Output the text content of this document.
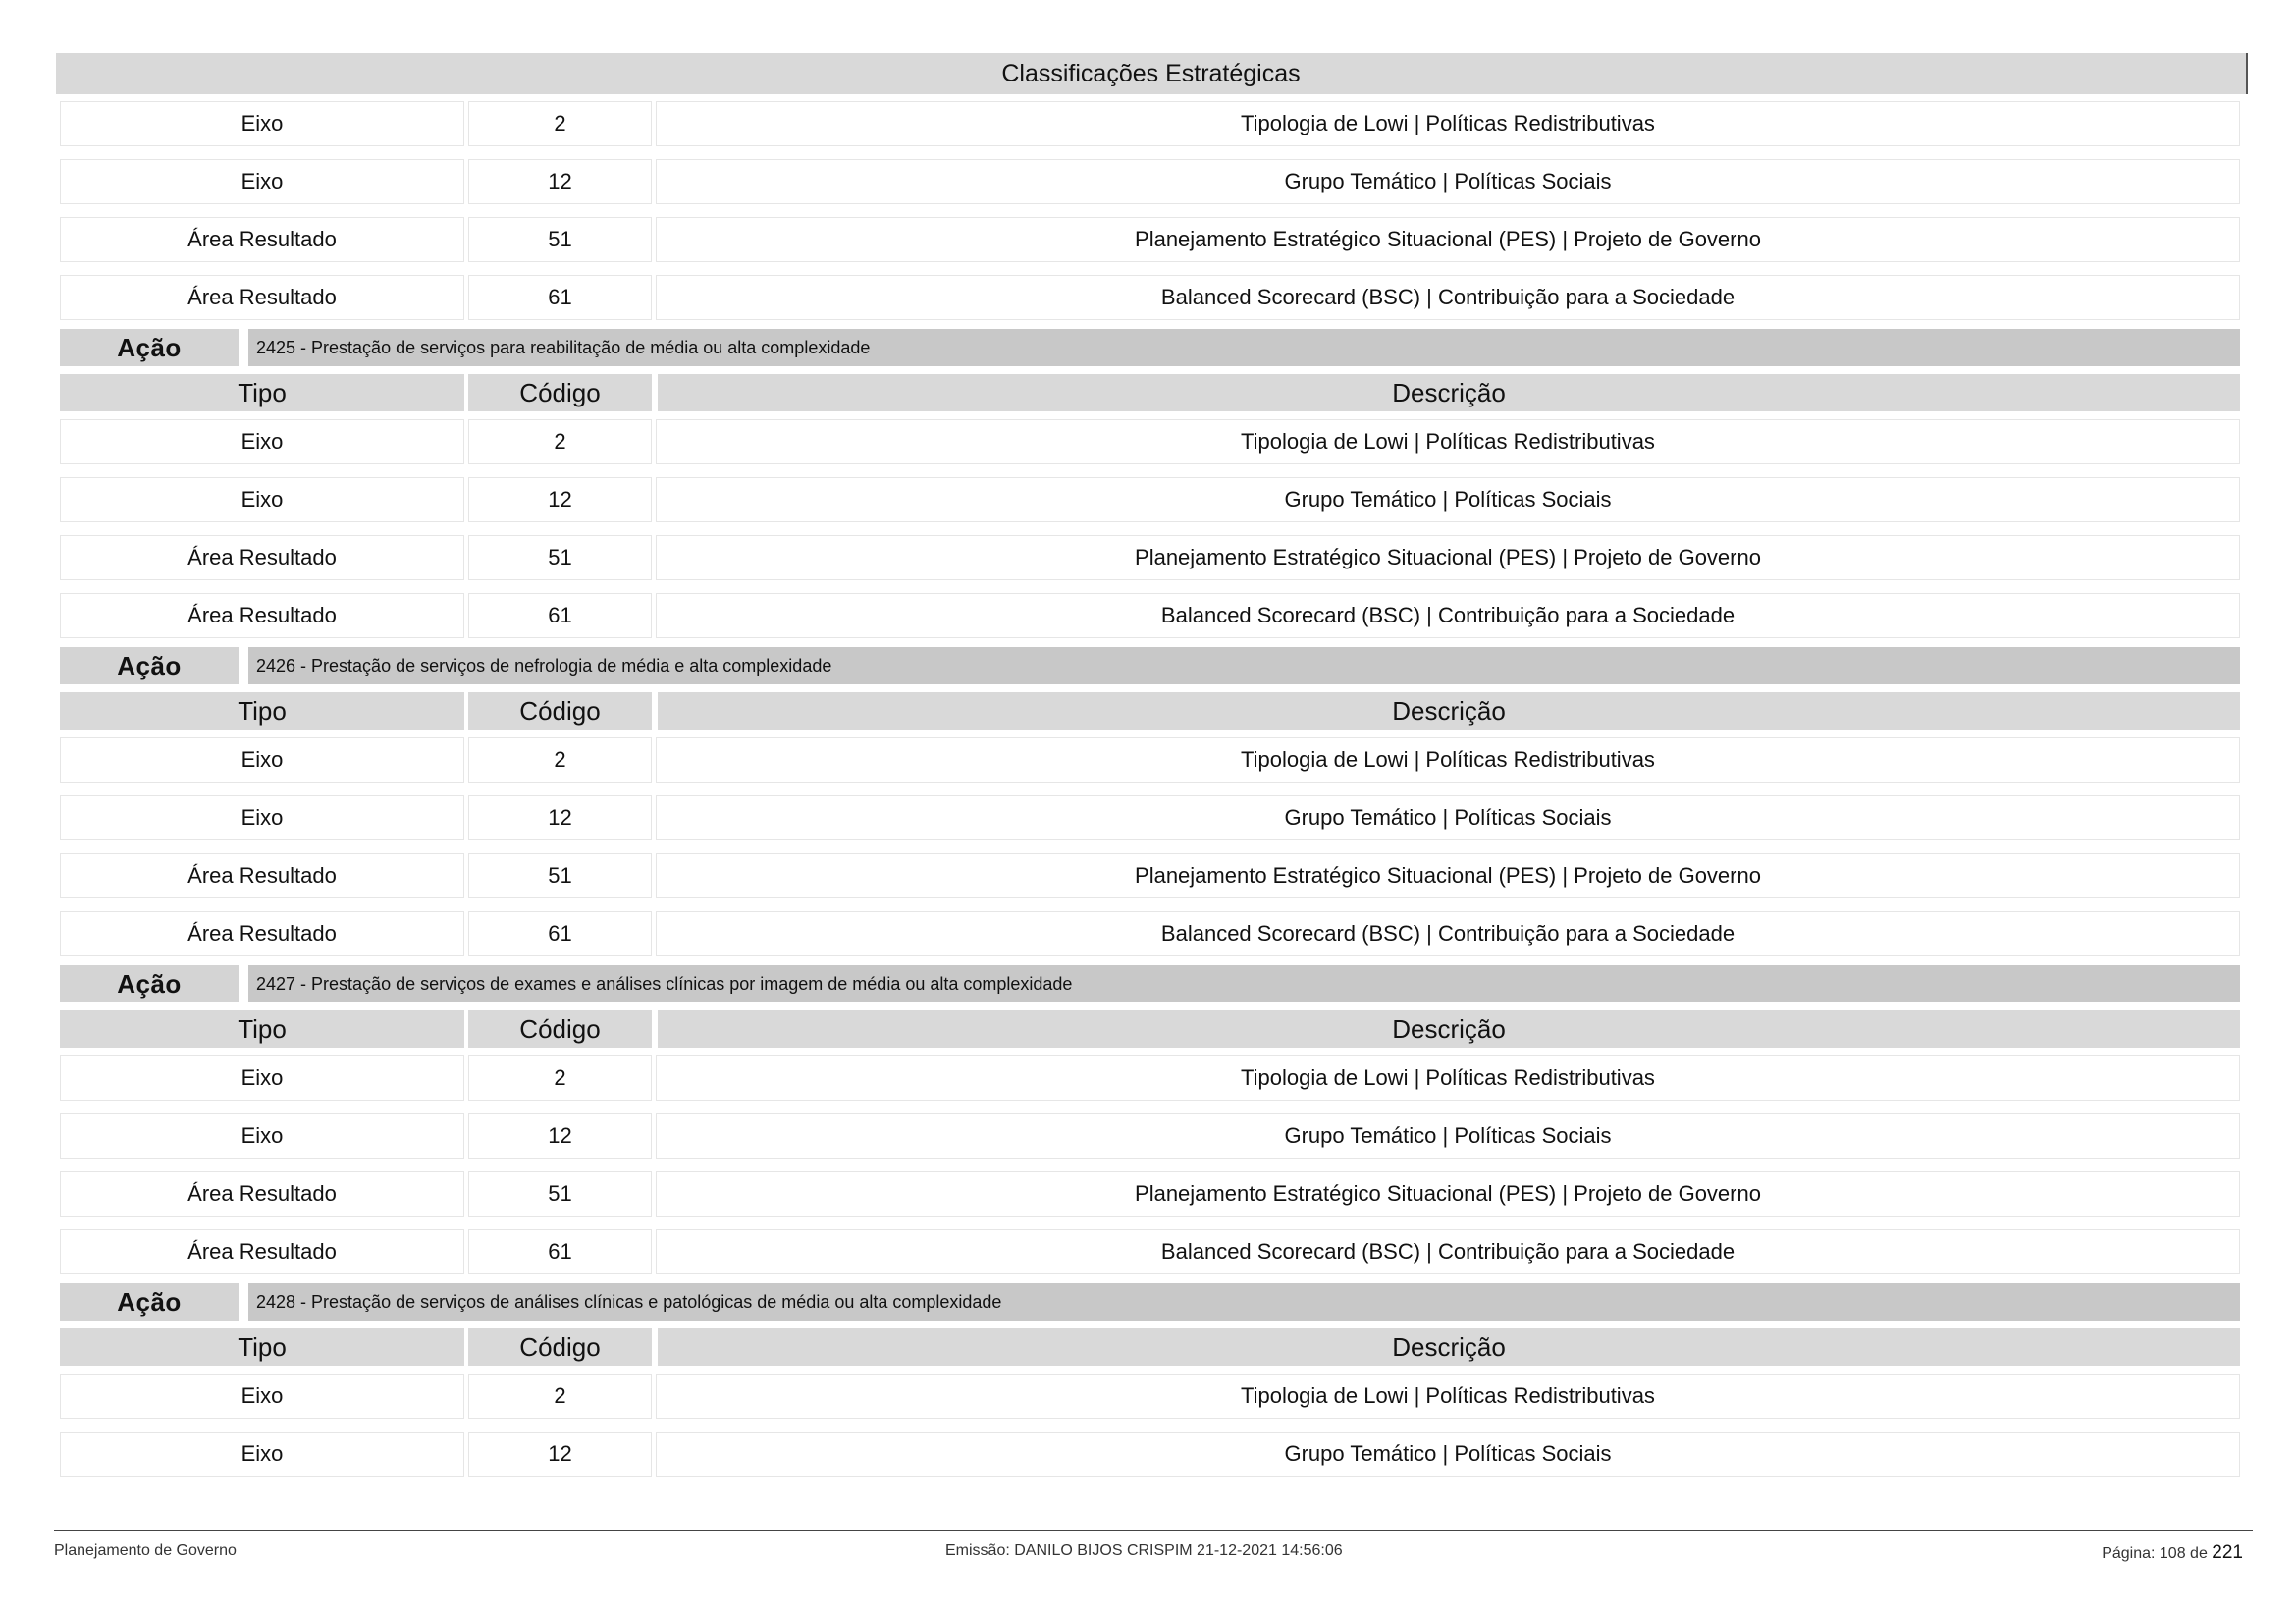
Classificações Estratégicas
Eixo	2	Tipologia de Lowi | Políticas Redistributivas
Eixo	12	Grupo Temático | Políticas Sociais
Área Resultado	51	Planejamento Estratégico Situacional (PES) | Projeto de Governo
Área Resultado	61	Balanced Scorecard (BSC) | Contribuição para a Sociedade
Ação	2425 - Prestação de serviços para reabilitação de média ou alta complexidade
Tipo	Código	Descrição
Eixo	2	Tipologia de Lowi | Políticas Redistributivas
Eixo	12	Grupo Temático | Políticas Sociais
Área Resultado	51	Planejamento Estratégico Situacional (PES) | Projeto de Governo
Área Resultado	61	Balanced Scorecard (BSC) | Contribuição para a Sociedade
Ação	2426 - Prestação de serviços de nefrologia de média e alta complexidade
Tipo	Código	Descrição
Eixo	2	Tipologia de Lowi | Políticas Redistributivas
Eixo	12	Grupo Temático | Políticas Sociais
Área Resultado	51	Planejamento Estratégico Situacional (PES) | Projeto de Governo
Área Resultado	61	Balanced Scorecard (BSC) | Contribuição para a Sociedade
Ação	2427 - Prestação de serviços de exames e análises clínicas por imagem de média ou alta complexidade
Tipo	Código	Descrição
Eixo	2	Tipologia de Lowi | Políticas Redistributivas
Eixo	12	Grupo Temático | Políticas Sociais
Área Resultado	51	Planejamento Estratégico Situacional (PES) | Projeto de Governo
Área Resultado	61	Balanced Scorecard (BSC) | Contribuição para a Sociedade
Ação	2428 - Prestação de serviços de análises clínicas e patológicas de média ou alta complexidade
Tipo	Código	Descrição
Eixo	2	Tipologia de Lowi | Políticas Redistributivas
Eixo	12	Grupo Temático | Políticas Sociais
Planejamento de Governo	Emissão: DANILO BIJOS CRISPIM 21-12-2021 14:56:06	Página: 108 de 221
